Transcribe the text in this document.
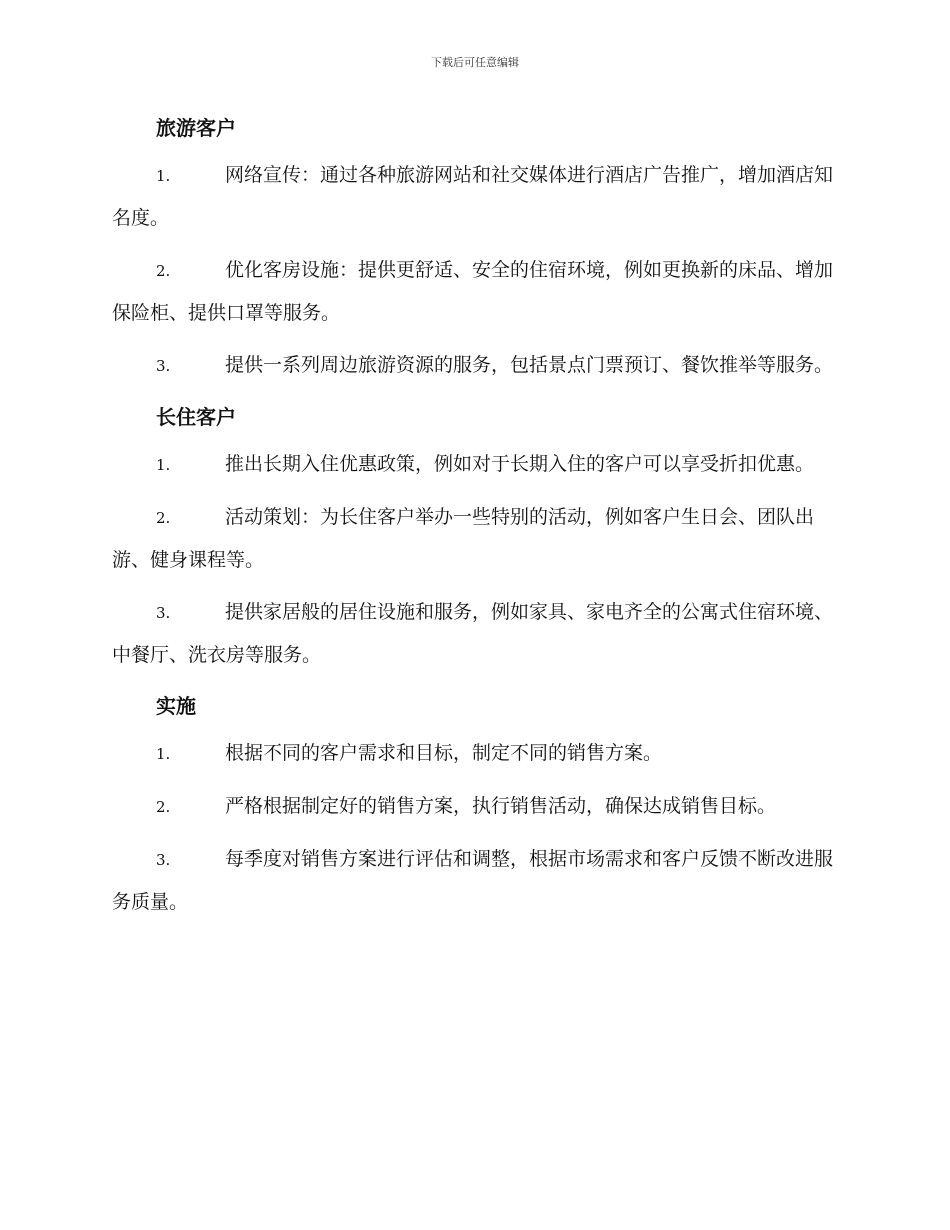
下载后可任意编辑
旅游客户

1.	网络宣传：通过各种旅游网站和社交媒体进行酒店广告推广，增加酒店知名度。

2.	优化客房设施：提供更舒适、安全的住宿环境，例如更换新的床品、增加保险柜、提供口罩等服务。

3.	提供一系列周边旅游资源的服务，包括景点门票预订、餐饮推举等服务。

长住客户

1.	推出长期入住优惠政策，例如对于长期入住的客户可以享受折扣优惠。

2.	活动策划：为长住客户举办一些特别的活动，例如客户生日会、团队出游、健身课程等。

3.	提供家居般的居住设施和服务，例如家具、家电齐全的公寓式住宿环境、中餐厅、洗衣房等服务。

实施

1.	根据不同的客户需求和目标，制定不同的销售方案。

2.	严格根据制定好的销售方案，执行销售活动，确保达成销售目标。

3.	每季度对销售方案进行评估和调整，根据市场需求和客户反馈不断改进服务质量。
